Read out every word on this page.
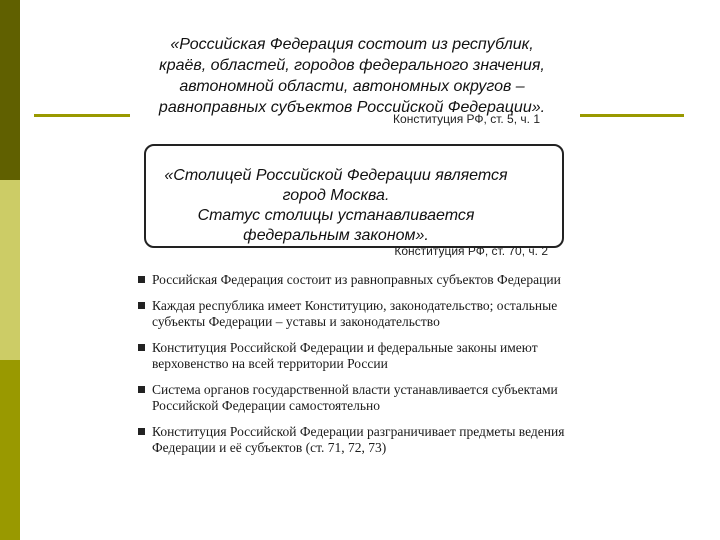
«Российская Федерация состоит из республик,
краёв, областей, городов федерального значения,
автономной области, автономных округов –
равноправных субъектов Российской Федерации».
Конституция РФ, ст. 5, ч. 1
«Столицей Российской Федерации является
город Москва.
Статус столицы устанавливается
федеральным законом».
Конституция РФ, ст. 70, ч. 2
Российская Федерация состоит из равноправных субъектов Федерации
Каждая республика имеет Конституцию, законодательство; остальные субъекты Федерации – уставы и законодательство
Конституция Российской Федерации и федеральные законы имеют верховенство на всей территории России
Система органов государственной власти устанавливается субъектами Российской Федерации самостоятельно
Конституция Российской Федерации разграничивает предметы ведения Федерации и её субъектов (ст. 71, 72, 73)
